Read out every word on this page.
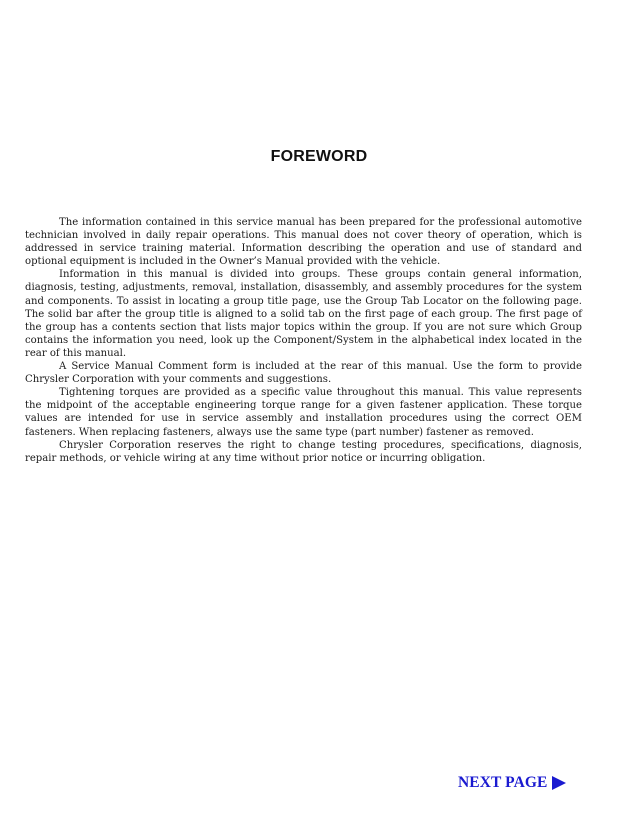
FOREWORD

The information contained in this service manual has been prepared for the professional automotive technician involved in daily repair operations. This manual does not cover theory of operation, which is addressed in service training material. Information describing the operation and use of standard and optional equipment is included in the Owner’s Manual provided with the vehicle.

Information in this manual is divided into groups. These groups contain general information, diagnosis, testing, adjustments, removal, installation, disassembly, and assembly procedures for the system and components. To assist in locating a group title page, use the Group Tab Locator on the following page. The solid bar after the group title is aligned to a solid tab on the first page of each group. The first page of the group has a contents section that lists major topics within the group. If you are not sure which Group contains the information you need, look up the Component/System in the alphabetical index located in the rear of this manual.

A Service Manual Comment form is included at the rear of this manual. Use the form to provide Chrysler Corporation with your comments and suggestions.

Tightening torques are provided as a specific value throughout this manual. This value represents the midpoint of the acceptable engineering torque range for a given fastener application. These torque values are intended for use in service assembly and installation procedures using the correct OEM fasteners. When replacing fasteners, always use the same type (part number) fastener as removed.

Chrysler Corporation reserves the right to change testing procedures, specifications, diagnosis, repair methods, or vehicle wiring at any time without prior notice or incurring obligation.

NEXT PAGE
